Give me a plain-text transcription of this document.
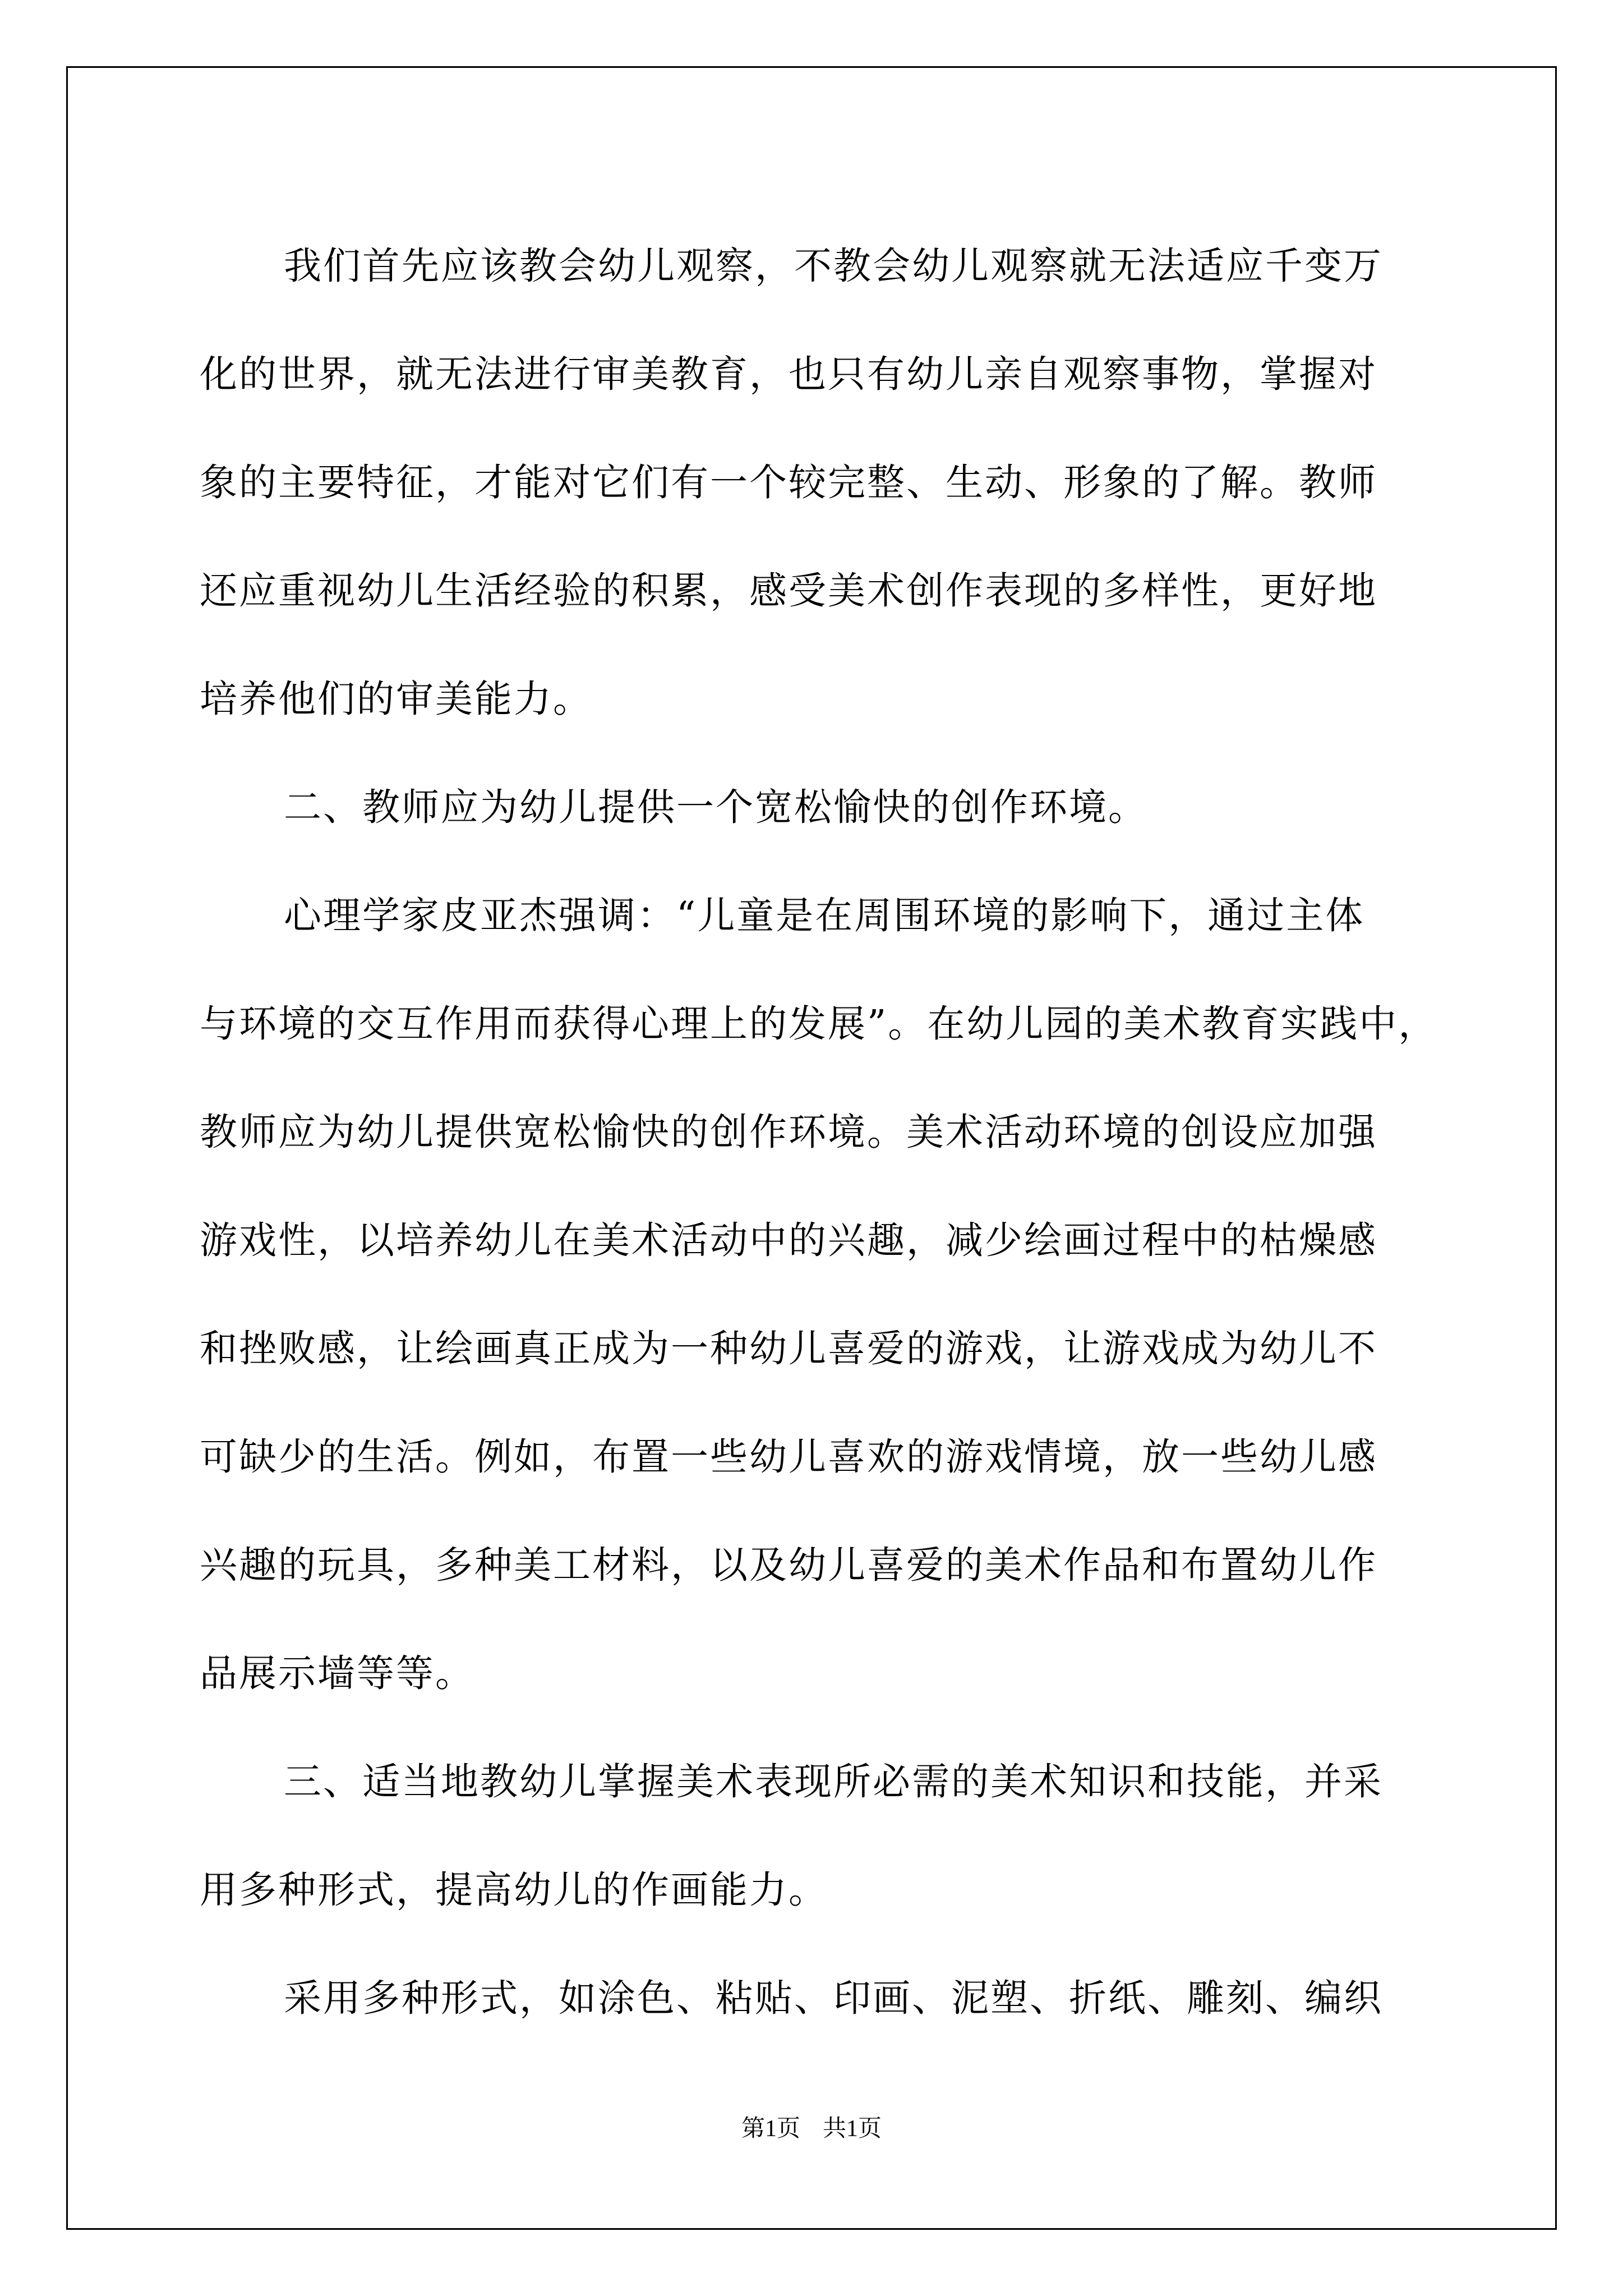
我们首先应该教会幼儿观察，不教会幼儿观察就无法适应千变万
化的世界，就无法进行审美教育，也只有幼儿亲自观察事物，掌握对
象的主要特征，才能对它们有一个较完整、生动、形象的了解。教师
还应重视幼儿生活经验的积累，感受美术创作表现的多样性，更好地
培养他们的审美能力。
二、教师应为幼儿提供一个宽松愉快的创作环境。
心理学家皮亚杰强调：“儿童是在周围环境的影响下，通过主体
与环境的交互作用而获得心理上的发展”。在幼儿园的美术教育实践中，
教师应为幼儿提供宽松愉快的创作环境。美术活动环境的创设应加强
游戏性，以培养幼儿在美术活动中的兴趣，减少绘画过程中的枯燥感
和挫败感，让绘画真正成为一种幼儿喜爱的游戏，让游戏成为幼儿不
可缺少的生活。例如，布置一些幼儿喜欢的游戏情境，放一些幼儿感
兴趣的玩具，多种美工材料，以及幼儿喜爱的美术作品和布置幼儿作
品展示墙等等。
三、适当地教幼儿掌握美术表现所必需的美术知识和技能，并采
用多种形式，提高幼儿的作画能力。
采用多种形式，如涂色、粘贴、印画、泥塑、折纸、雕刻、编织
第1页 共1页
